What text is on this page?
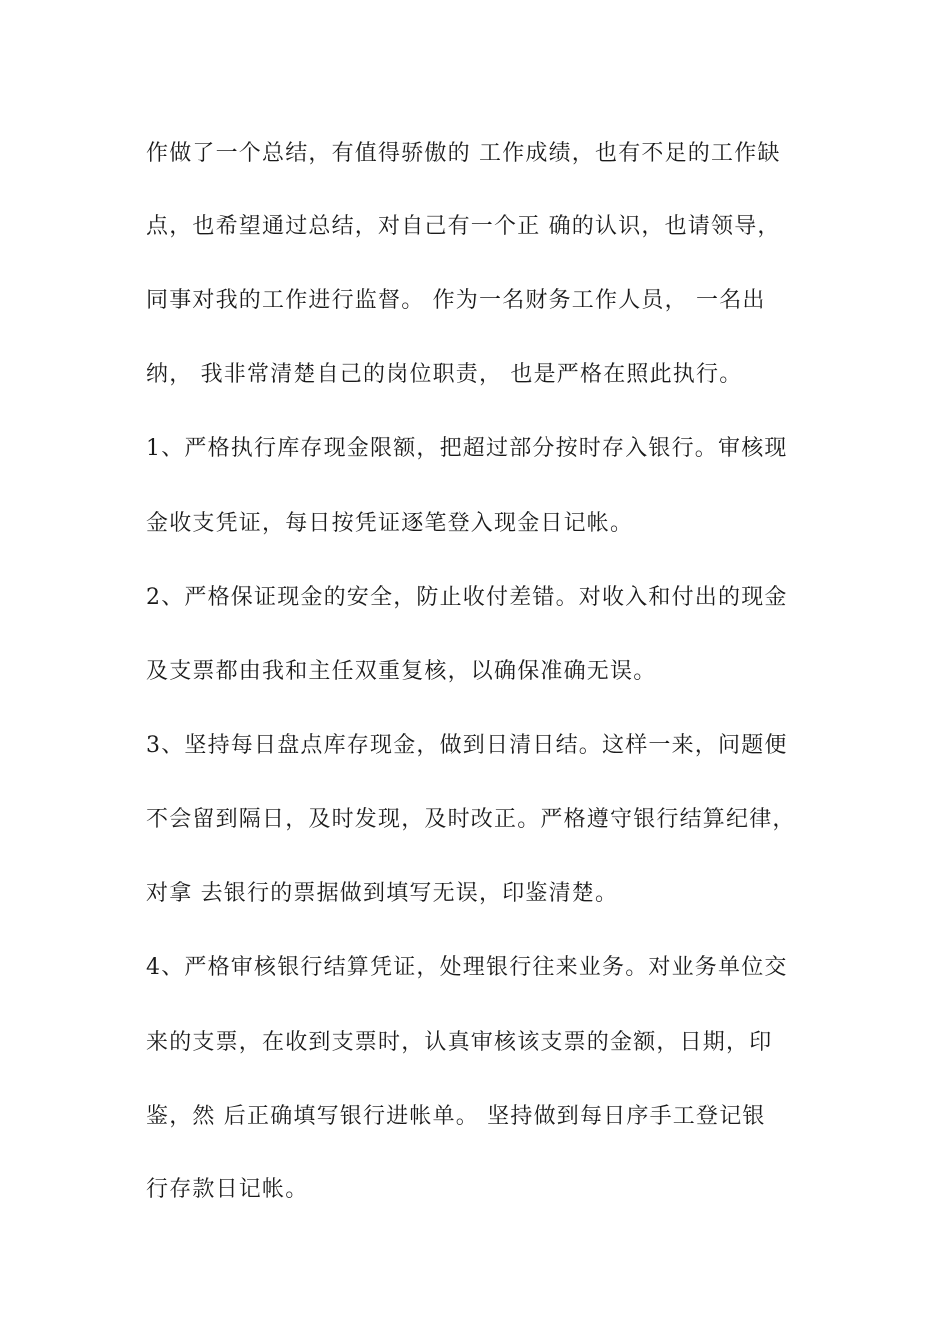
作做了一个总结，有值得骄傲的 工作成绩，也有不足的工作缺
点，也希望通过总结，对自己有一个正 确的认识，也请领导，
同事对我的工作进行监督。 作为一名财务工作人员， 一名出
纳， 我非常清楚自己的岗位职责， 也是严格在照此执行。
1、严格执行库存现金限额，把超过部分按时存入银行。审核现
金收支凭证，每日按凭证逐笔登入现金日记帐。
2、严格保证现金的安全，防止收付差错。对收入和付出的现金
及支票都由我和主任双重复核，以确保准确无误。
3、坚持每日盘点库存现金，做到日清日结。这样一来，问题便
不会留到隔日，及时发现，及时改正。严格遵守银行结算纪律，
对拿 去银行的票据做到填写无误，印鉴清楚。
4、严格审核银行结算凭证，处理银行往来业务。对业务单位交
来的支票，在收到支票时，认真审核该支票的金额，日期，印
鉴，然 后正确填写银行进帐单。 坚持做到每日序手工登记银
行存款日记帐。
